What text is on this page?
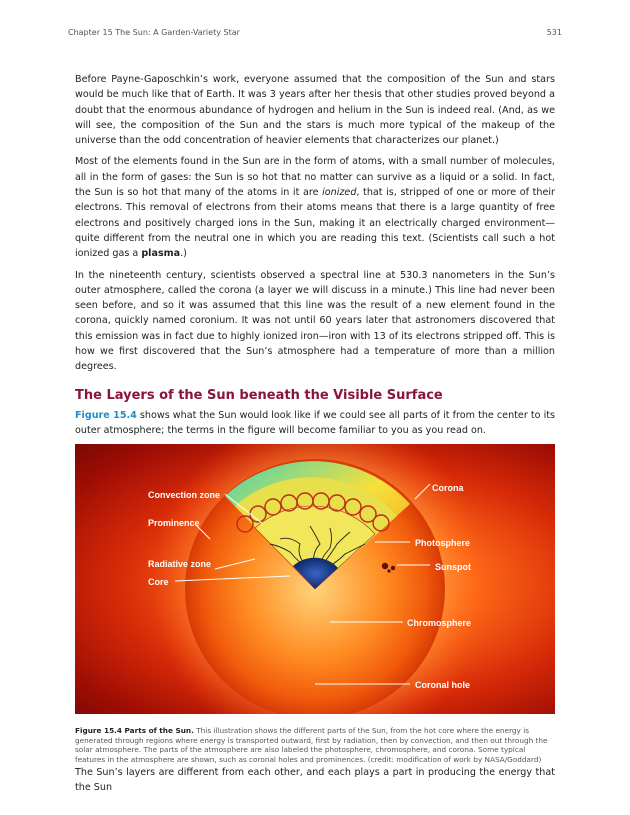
Chapter 15 The Sun: A Garden-Variety Star	531

Before Payne-Gaposchkin’s work, everyone assumed that the composition of the Sun and stars would be much like that of Earth. It was 3 years after her thesis that other studies proved beyond a doubt that the enormous abundance of hydrogen and helium in the Sun is indeed real. (And, as we will see, the composition of the Sun and the stars is much more typical of the makeup of the universe than the odd concentration of heavier elements that characterizes our planet.)

Most of the elements found in the Sun are in the form of atoms, with a small number of molecules, all in the form of gases: the Sun is so hot that no matter can survive as a liquid or a solid. In fact, the Sun is so hot that many of the atoms in it are ionized, that is, stripped of one or more of their electrons. This removal of electrons from their atoms means that there is a large quantity of free electrons and positively charged ions in the Sun, making it an electrically charged environment—quite different from the neutral one in which you are reading this text. (Scientists call such a hot ionized gas a plasma.)

In the nineteenth century, scientists observed a spectral line at 530.3 nanometers in the Sun’s outer atmosphere, called the corona (a layer we will discuss in a minute.) This line had never been seen before, and so it was assumed that this line was the result of a new element found in the corona, quickly named coronium. It was not until 60 years later that astronomers discovered that this emission was in fact due to highly ionized iron—iron with 13 of its electrons stripped off. This is how we first discovered that the Sun’s atmosphere had a temperature of more than a million degrees.

The Layers of the Sun beneath the Visible Surface

Figure 15.4 shows what the Sun would look like if we could see all parts of it from the center to its outer atmosphere; the terms in the figure will become familiar to you as you read on.

Convection zone
Prominence
Radiative zone
Core
Corona
Photosphere
Sunspot
Chromosphere
Coronal hole
Figure 15.4 Parts of the Sun. This illustration shows the different parts of the Sun, from the hot core where the energy is generated through regions where energy is transported outward, first by radiation, then by convection, and then out through the solar atmosphere. The parts of the atmosphere are also labeled the photosphere, chromosphere, and corona. Some typical features in the atmosphere are shown, such as coronal holes and prominences. (credit: modification of work by NASA/Goddard)

The Sun’s layers are different from each other, and each plays a part in producing the energy that the Sun
